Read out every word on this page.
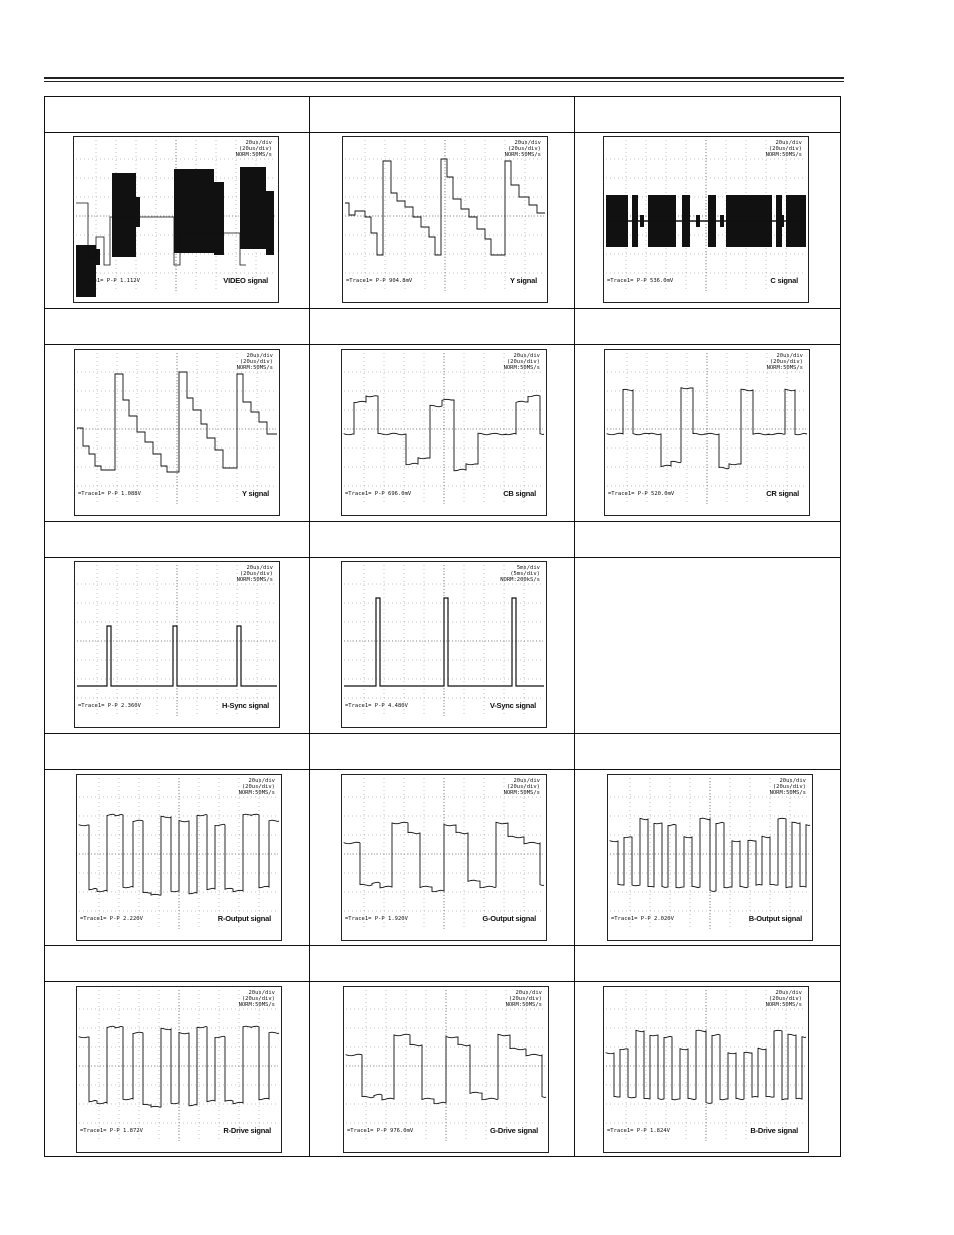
20us/div
(20us/div)
NORM:50MS/s
=Trace1= P-P 1.112V	VIDEO signal
20us/div
(20us/div)
NORM:50MS/s
=Trace1= P-P 904.8mV	Y signal
20us/div
(20us/div)
NORM:50MS/s
=Trace1= P-P 536.0mV	C signal
20us/div
(20us/div)
NORM:50MS/s
=Trace1= P-P 1.088V	Y signal
20us/div
(20us/div)
NORM:50MS/s
=Trace1= P-P 696.0mV	CB signal
20us/div
(20us/div)
NORM:50MS/s
=Trace1= P-P 520.0mV	CR signal
20us/div
(20us/div)
NORM:50MS/s
=Trace1= P-P 2.360V	H-Sync signal
5ms/div
(5ms/div)
NORM:200kS/s
=Trace1= P-P 4.480V	V-Sync signal
20us/div
(20us/div)
NORM:50MS/s
=Trace1= P-P 2.220V	R-Output signal
20us/div
(20us/div)
NORM:50MS/s
=Trace1= P-P 1.920V	G-Output signal
20us/div
(20us/div)
NORM:50MS/s
=Trace1= P-P 2.020V	B-Output signal
20us/div
(20us/div)
NORM:50MS/s
=Trace1= P-P 1.872V	R-Drive signal
20us/div
(20us/div)
NORM:50MS/s
=Trace1= P-P 976.0mV	G-Drive signal
20us/div
(20us/div)
NORM:50MS/s
=Trace1= P-P 1.824V	B-Drive signal
